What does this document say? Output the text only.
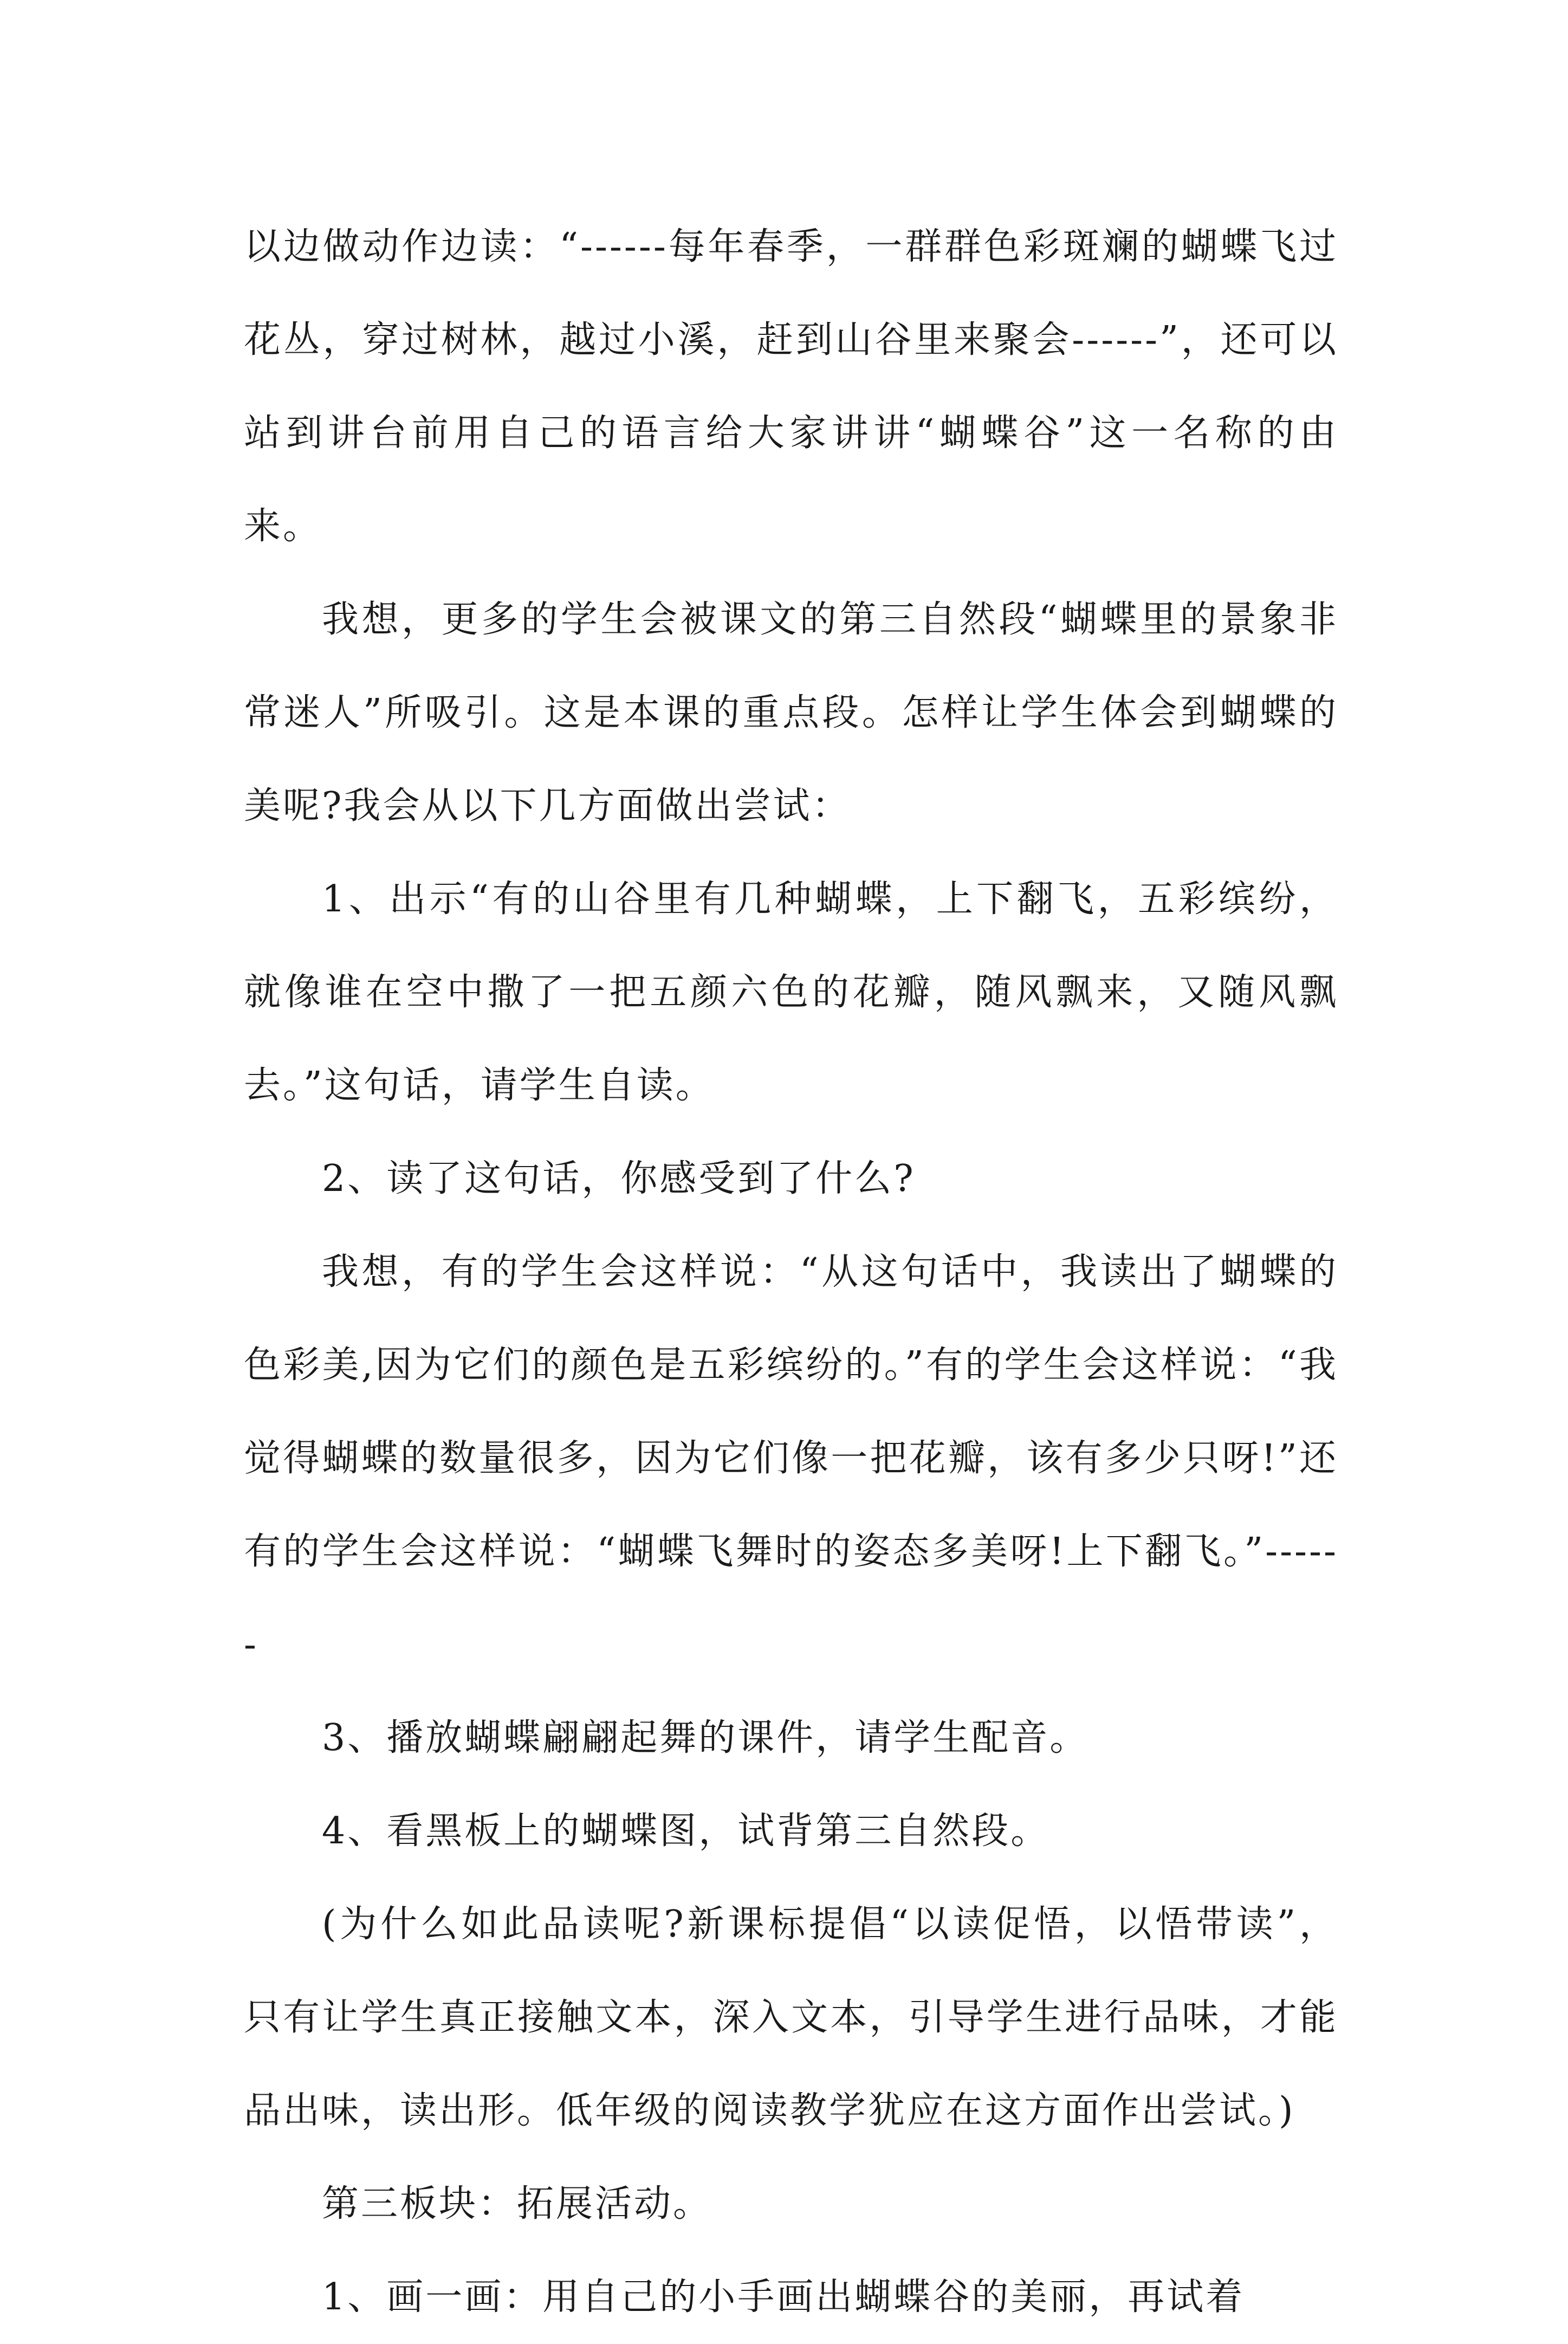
以边做动作边读：“------每年春季，一群群色彩斑斓的蝴蝶飞过花丛，穿过树林，越过小溪，赶到山谷里来聚会------”，还可以站到讲台前用自己的语言给大家讲讲“蝴蝶谷”这一名称的由来。

我想，更多的学生会被课文的第三自然段“蝴蝶里的景象非常迷人”所吸引。这是本课的重点段。怎样让学生体会到蝴蝶的美呢?我会从以下几方面做出尝试：

1、出示“有的山谷里有几种蝴蝶，上下翻飞，五彩缤纷，就像谁在空中撒了一把五颜六色的花瓣，随风飘来，又随风飘去。”这句话，请学生自读。

2、读了这句话，你感受到了什么?

我想，有的学生会这样说：“从这句话中，我读出了蝴蝶的色彩美,因为它们的颜色是五彩缤纷的。”有的学生会这样说：“我觉得蝴蝶的数量很多，因为它们像一把花瓣，该有多少只呀!”还有的学生会这样说：“蝴蝶飞舞时的姿态多美呀!上下翻飞。”------

3、播放蝴蝶翩翩起舞的课件，请学生配音。

4、看黑板上的蝴蝶图，试背第三自然段。

(为什么如此品读呢?新课标提倡“以读促悟，以悟带读”，只有让学生真正接触文本，深入文本，引导学生进行品味，才能品出味，读出形。低年级的阅读教学犹应在这方面作出尝试。)

第三板块：拓展活动。

1、画一画：用自己的小手画出蝴蝶谷的美丽，再试着
